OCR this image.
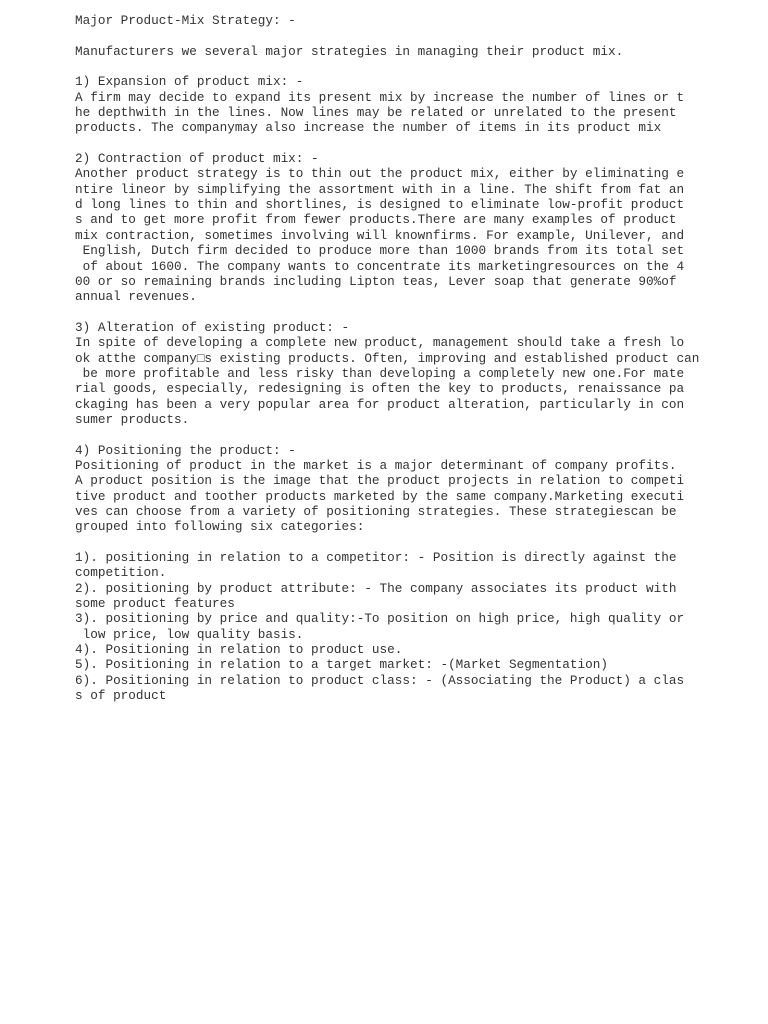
Major Product-Mix Strategy: -
Manufacturers we several major strategies in managing their product mix.
1) Expansion of product mix: -
A firm may decide to expand its present mix by increase the number of lines or t
he depthwith in the lines. Now lines may be related or unrelated to the present
products. The companymay also increase the number of items in its product mix
2) Contraction of product mix: -
Another product strategy is to thin out the product mix, either by eliminating e
ntire lineor by simplifying the assortment with in a line. The shift from fat an
d long lines to thin and shortlines, is designed to eliminate low-profit product
s and to get more profit from fewer products.There are many examples of product
mix contraction, sometimes involving will knownfirms. For example, Unilever, and
English, Dutch firm decided to produce more than 1000 brands from its total set
of about 1600. The company wants to concentrate its marketingresources on the 4
00 or so remaining brands including Lipton teas, Lever soap that generate 90%of
annual revenues.
3) Alteration of existing product: -
In spite of developing a complete new product, management should take a fresh lo
ok atthe company□s existing products. Often, improving and established product can
be more profitable and less risky than developing a completely new one.For mate
rial goods, especially, redesigning is often the key to products, renaissance pa
ckaging has been a very popular area for product alteration, particularly in con
sumer products.
4) Positioning the product: -
Positioning of product in the market is a major determinant of company profits.
A product position is the image that the product projects in relation to competi
tive product and toother products marketed by the same company.Marketing executi
ves can choose from a variety of positioning strategies. These strategiescan be
grouped into following six categories:
1). positioning in relation to a competitor: - Position is directly against the
competition.
2). positioning by product attribute: - The company associates its product with
some product features
3). positioning by price and quality:-To position on high price, high quality or
low price, low quality basis.
4). Positioning in relation to product use.
5). Positioning in relation to a target market: -(Market Segmentation)
6). Positioning in relation to product class: - (Associating the Product) a clas
s of product
